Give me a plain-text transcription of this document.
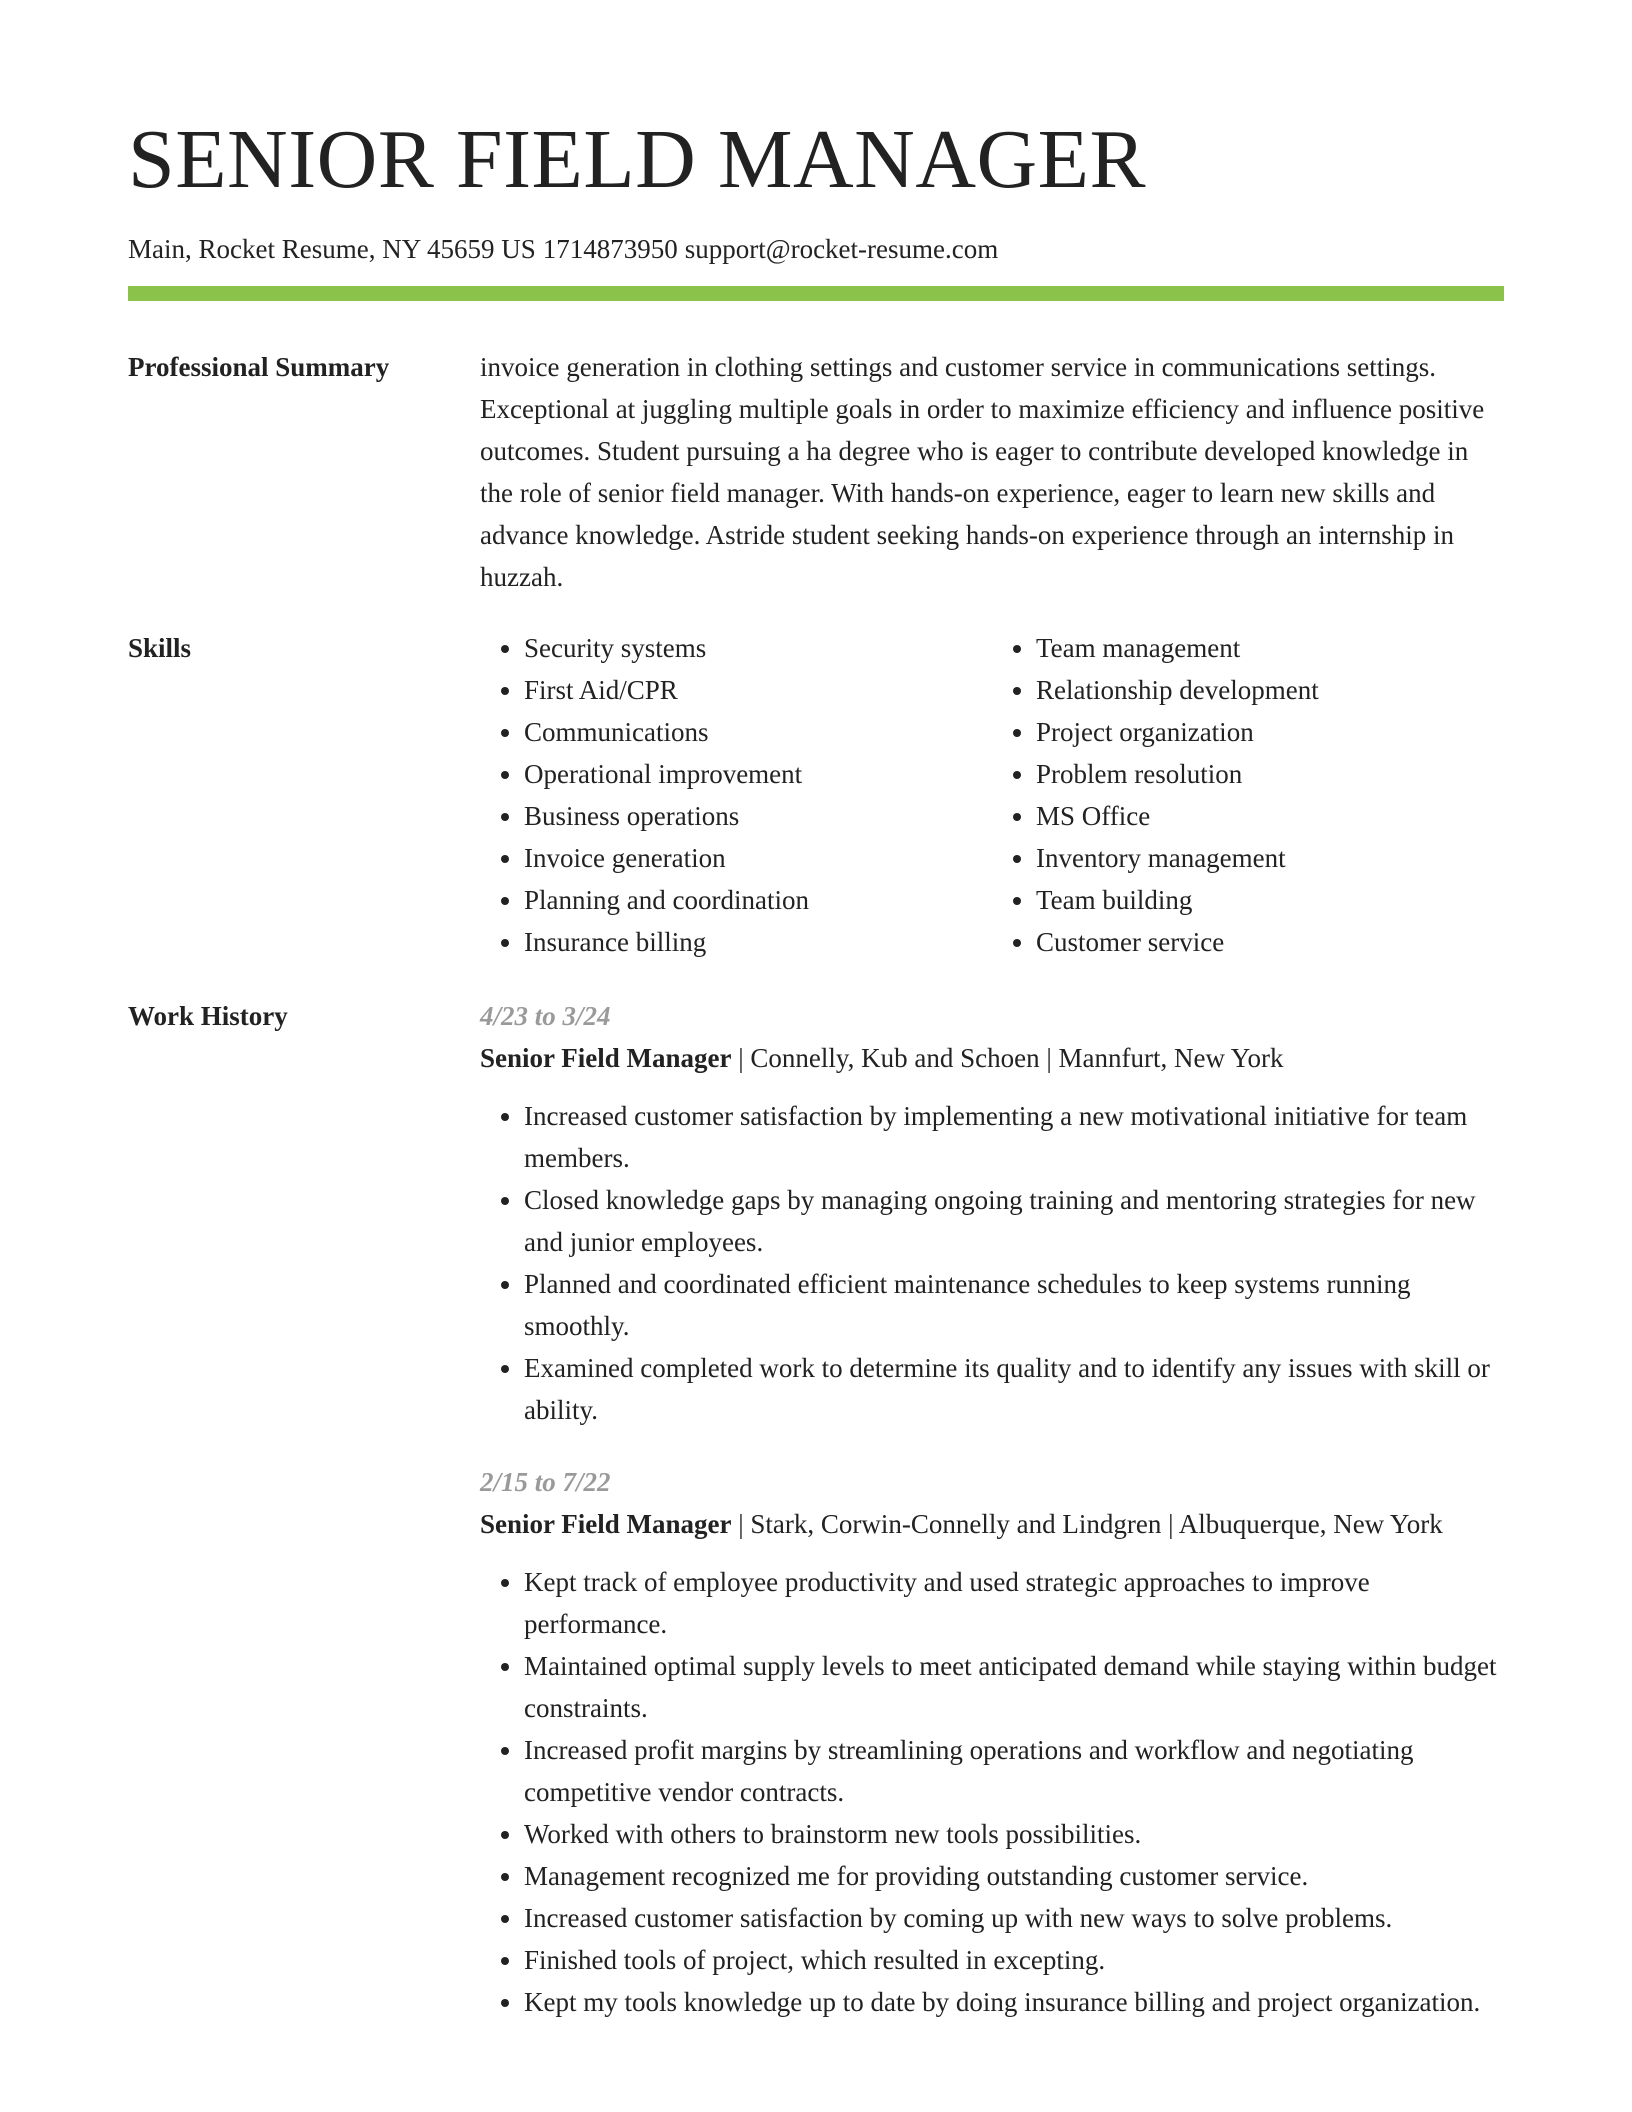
SENIOR FIELD MANAGER
Main, Rocket Resume, NY 45659 US 1714873950 support@rocket-resume.com
Professional Summary	invoice generation in clothing settings and customer service in communications settings. Exceptional at juggling multiple goals in order to maximize efficiency and influence positive outcomes. Student pursuing a ha degree who is eager to contribute developed knowledge in the role of senior field manager. With hands-on experience, eager to learn new skills and advance knowledge. Astride student seeking hands-on experience through an internship in huzzah.

Skills
•	Security systems
• First Aid/CPR
• Communications
• Operational improvement
• Business operations
• Invoice generation
• Planning and coordination
• Insurance billing
• Team management
• Relationship development
• Project organization
• Problem resolution
• MS Office
• Inventory management
• Team building
• Customer service
Work History	4/23 to 3/24

Senior Field Manager | Connelly, Kub and Schoen | Mannfurt, New York

• Increased customer satisfaction by implementing a new motivational initiative for team members.
• Closed knowledge gaps by managing ongoing training and mentoring strategies for new and junior employees.
• Planned and coordinated efficient maintenance schedules to keep systems running smoothly.
• Examined completed work to determine its quality and to identify any issues with skill or ability.

2/15 to 7/22

Senior Field Manager | Stark, Corwin-Connelly and Lindgren | Albuquerque, New York

• Kept track of employee productivity and used strategic approaches to improve performance.
• Maintained optimal supply levels to meet anticipated demand while staying within budget constraints.
• Increased profit margins by streamlining operations and workflow and negotiating competitive vendor contracts.
• Worked with others to brainstorm new tools possibilities.
• Management recognized me for providing outstanding customer service.
• Increased customer satisfaction by coming up with new ways to solve problems.
• Finished tools of project, which resulted in excepting.
• Kept my tools knowledge up to date by doing insurance billing and project organization.
